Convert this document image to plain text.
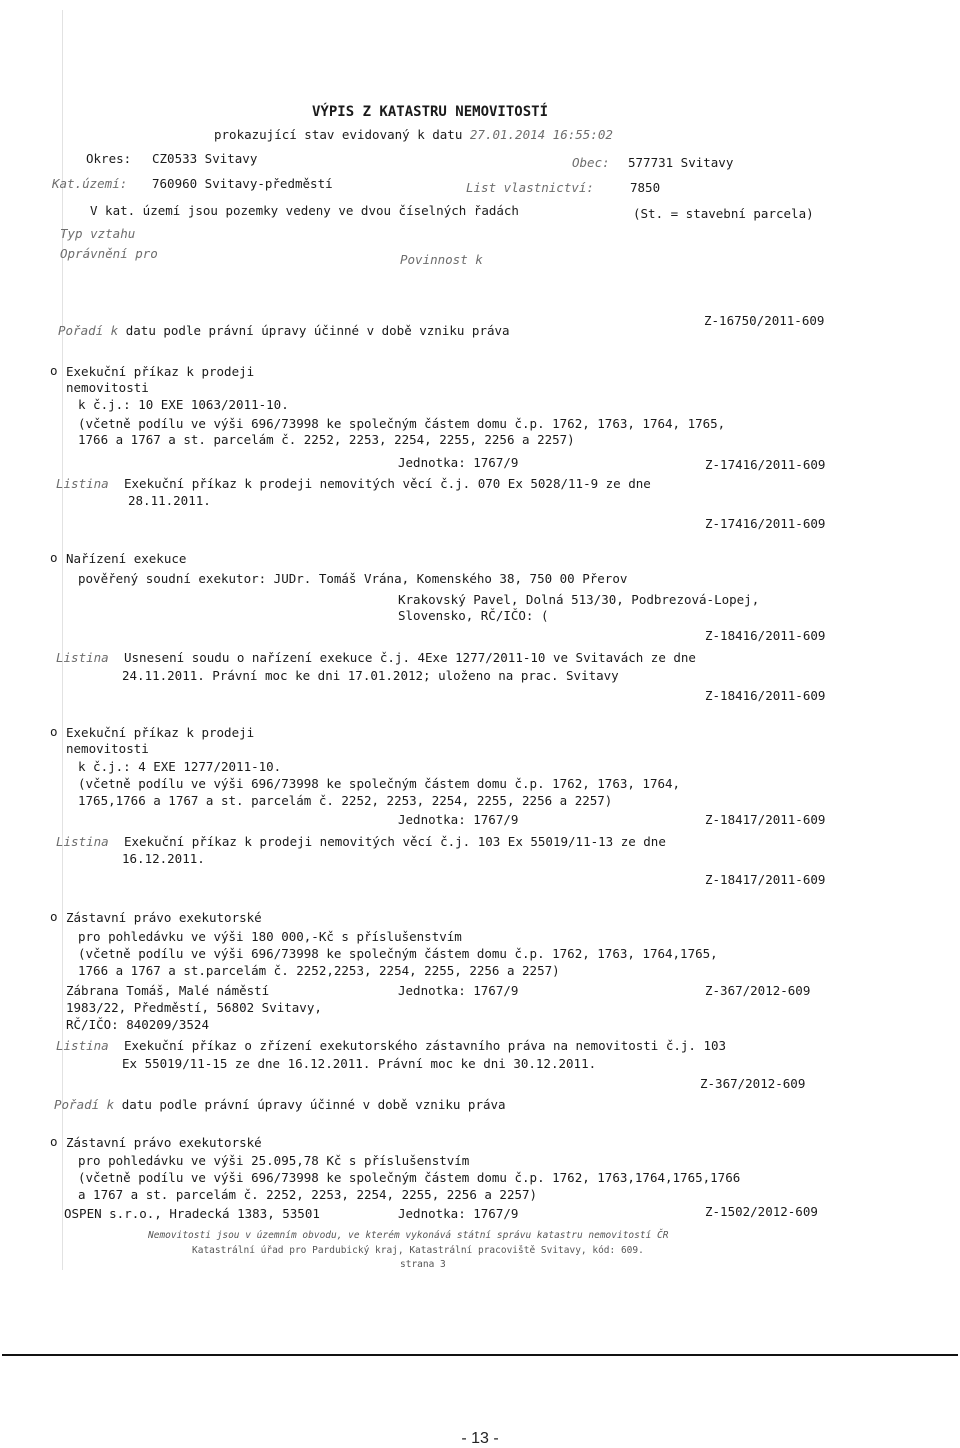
VÝPIS Z KATASTRU NEMOVITOSTÍ
prokazující stav evidovaný k datu 27.01.2014 16:55:02
Okres: CZ0533 Svitavy	Obec: 577731 Svitavy
Kat.území: 760960 Svitavy-předměstí	List vlastnictví:	7850
V kat. území jsou pozemky vedeny ve dvou číselných řadách	(St. = stavební parcela)
Typ vztahu
Oprávnění pro	Povinnost k
Pořadí k datu podle právní úpravy účinné v době vzniku práva
Z-16750/2011-609
o Exekuční příkaz k prodeji
nemovitosti
k č.j.: 10 EXE 1063/2011-10.
(včetně podílu ve výši 696/73998 ke společným částem domu č.p. 1762, 1763, 1764, 1765,
1766 a 1767 a st. parcelám č. 2252, 2253, 2254, 2255, 2256 a 2257)
Jednotka: 1767/9	Z-17416/2011-609
Listina Exekuční příkaz k prodeji nemovitých věcí č.j. 070 Ex 5028/11-9 ze dne
28.11.2011.
Z-17416/2011-609
o Nařízení exekuce
pověřený soudní exekutor: JUDr. Tomáš Vrána, Komenského 38, 750 00 Přerov
Krakovský Pavel, Dolná 513/30, Podbrezová-Lopej,
Slovensko, RČ/IČO: (
Z-18416/2011-609
Listina Usnesení soudu o nařízení exekuce č.j. 4Exe 1277/2011-10 ve Svitavách ze dne
24.11.2011. Právní moc ke dni 17.01.2012; uloženo na prac. Svitavy
Z-18416/2011-609
o Exekuční příkaz k prodeji
nemovitosti
k č.j.: 4 EXE 1277/2011-10.
(včetně podílu ve výši 696/73998 ke společným částem domu č.p. 1762, 1763, 1764,
1765,1766 a 1767 a st. parcelám č. 2252, 2253, 2254, 2255, 2256 a 2257)
Jednotka: 1767/9	Z-18417/2011-609
Listina Exekuční příkaz k prodeji nemovitých věcí č.j. 103 Ex 55019/11-13 ze dne
16.12.2011.
Z-18417/2011-609
o Zástavní právo exekutorské
pro pohledávku ve výši 180 000,-Kč s příslušenstvím
(včetně podílu ve výši 696/73998 ke společným částem domu č.p. 1762, 1763, 1764,1765,
1766 a 1767 a st.parcelám č. 2252,2253, 2254, 2255, 2256 a 2257)
Zábrana Tomáš, Malé náměstí	Jednotka: 1767/9	Z-367/2012-609
1983/22, Předměstí, 56802 Svitavy,
RČ/IČO: 840209/3524
Listina Exekuční příkaz o zřízení exekutorského zástavního práva na nemovitosti č.j. 103
Ex 55019/11-15 ze dne 16.12.2011. Právní moc ke dni 30.12.2011.
Z-367/2012-609
Pořadí k datu podle právní úpravy účinné v době vzniku práva
o Zástavní právo exekutorské
pro pohledávku ve výši 25.095,78 Kč s příslušenstvím
(včetně podílu ve výši 696/73998 ke společným částem domu č.p. 1762, 1763,1764,1765,1766
a 1767 a st. parcelám č. 2252, 2253, 2254, 2255, 2256 a 2257)
OSPEN s.r.o., Hradecká 1383, 53501	Jednotka: 1767/9	Z-1502/2012-609
Nemovitosti jsou v územním obvodu, ve kterém vykonává státní správu katastru nemovitostí ČR
Katastrální úřad pro Pardubický kraj, Katastrální pracoviště Svitavy, kód: 609.
strana 3
- 13 -
